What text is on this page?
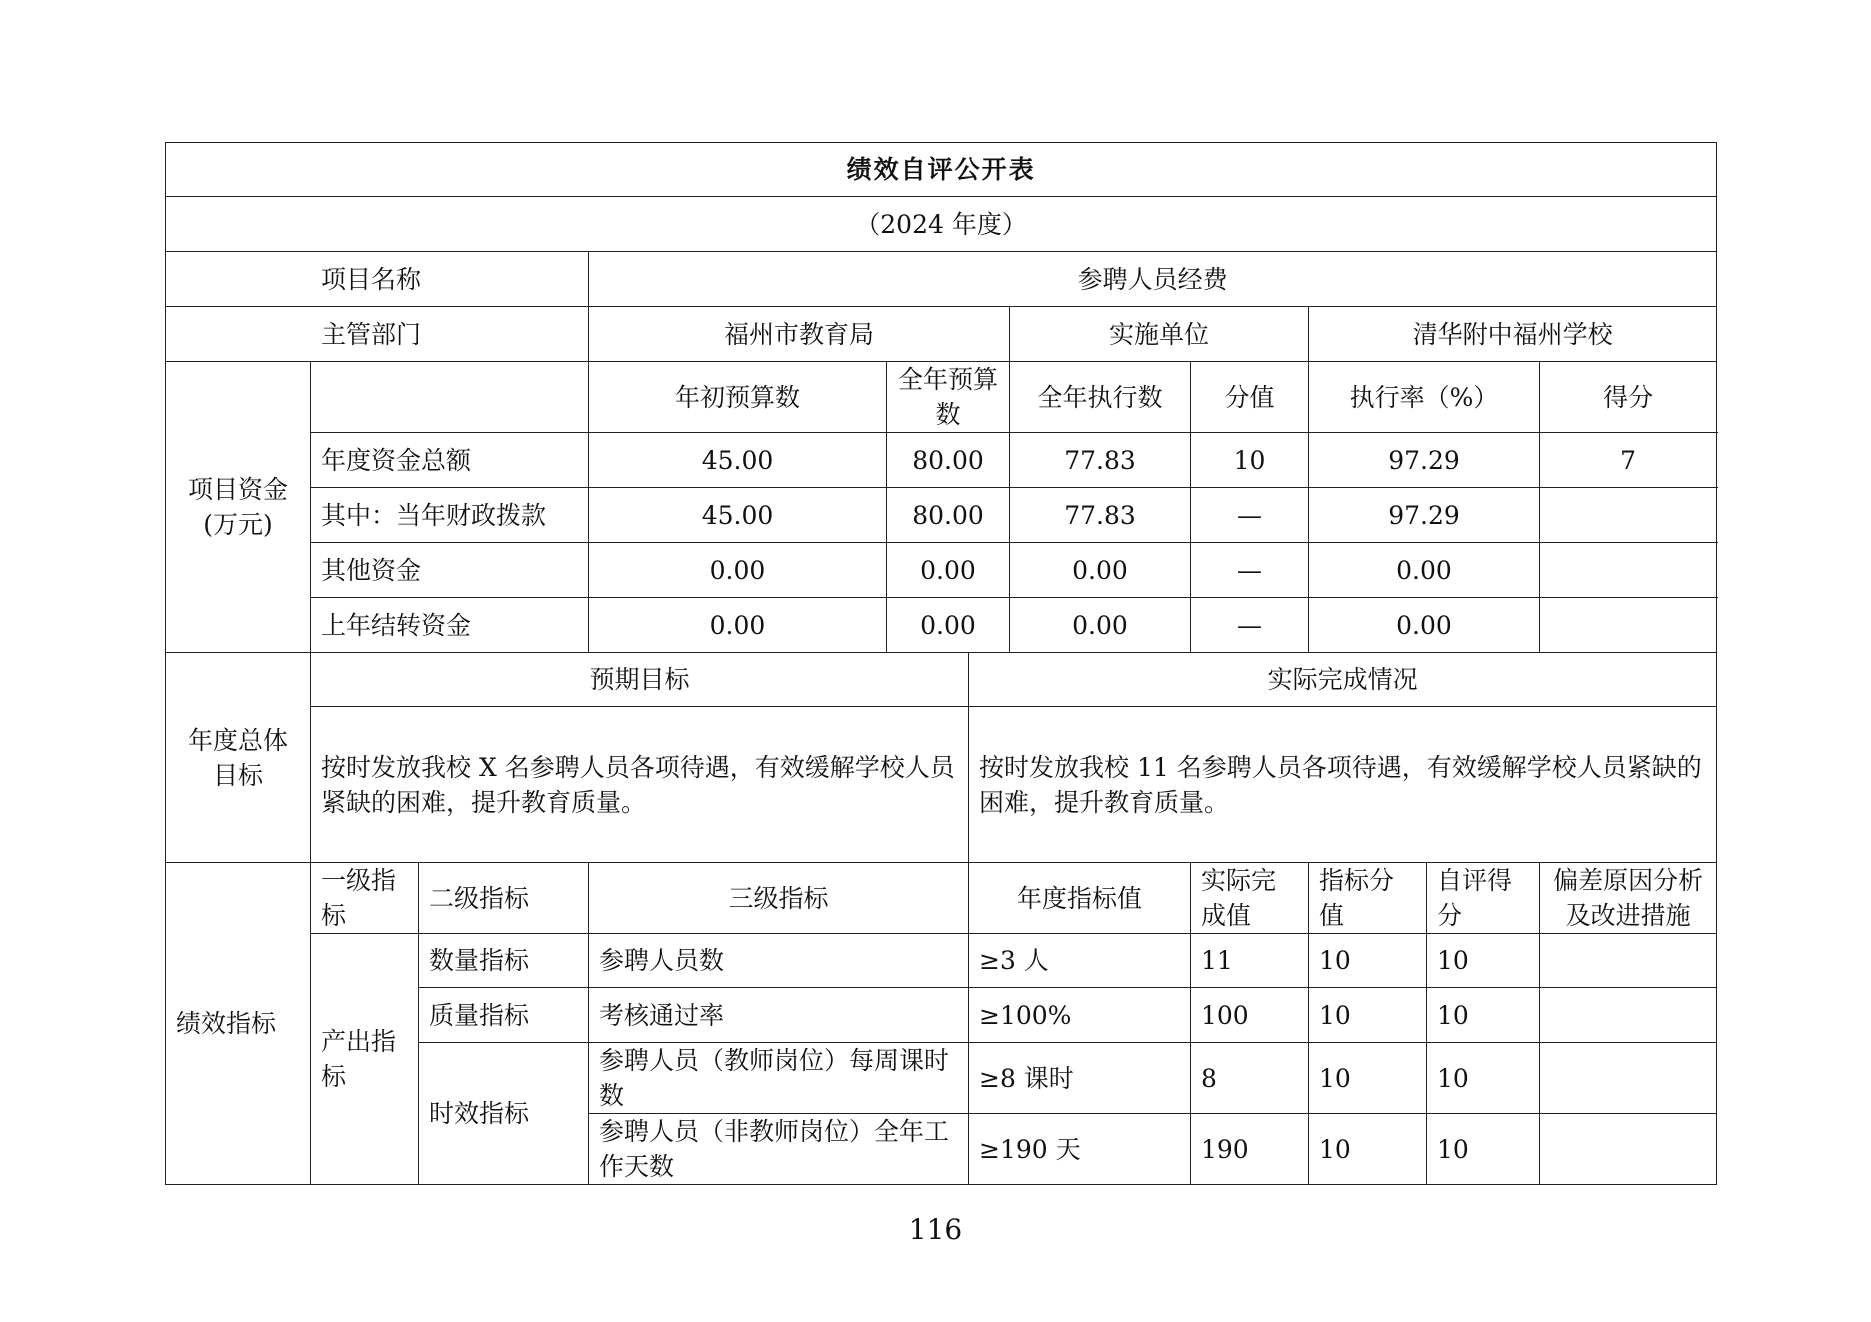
绩效自评公开表										
（2024 年度）										
项目名称			参聘人员经费							
主管部门			福州市教育局			实施单位		清华附中福州学校		
项目资金
(万元)			年初预算数	全年预算数		全年执行数	分值	执行率（%）		得分
	年度资金总额		45.00	80.00		77.83	10	97.29		7
	其中：当年财政拨款		45.00	80.00		77.83	—	97.29		
	其他资金		0.00	0.00		0.00	—	0.00		
	上年结转资金		0.00	0.00		0.00	—	0.00		
年度总体目标	预期目标				实际完成情况					
	按时发放我校 X 名参聘人员各项待遇，有效缓解学校人员紧缺的困难，提升教育质量。				按时发放我校 11 名参聘人员各项待遇，有效缓解学校人员紧缺的困难，提升教育质量。					
绩效指标	一级指标	二级指标	三级指标		年度指标值		实际完成值	指标分值	自评得分	偏差原因分析及改进措施
	产出指标	数量指标	参聘人员数		≥3 人		11	10	10	
		质量指标	考核通过率		≥100%		100	10	10	
		时效指标	参聘人员（教师岗位）每周课时数		≥8 课时		8	10	10	
			参聘人员（非教师岗位）全年工作天数		≥190 天		190	10	10	
116
